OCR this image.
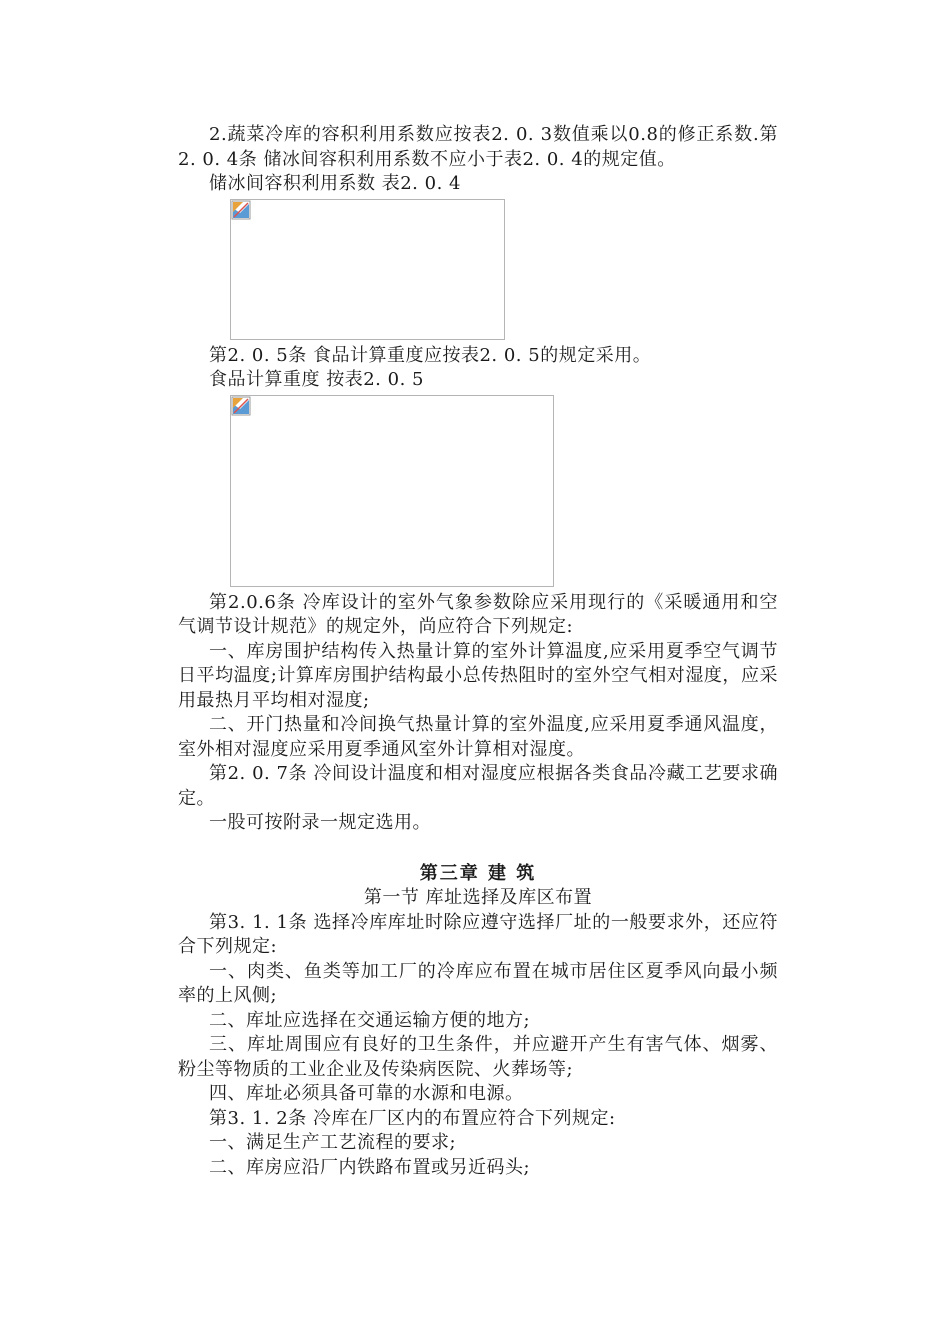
2.蔬菜冷库的容积利用系数应按表2. 0. 3数值乘以0.8的修正系数.第2. 0. 4条 储冰间容积利用系数不应小于表2. 0. 4的规定值。

储冰间容积利用系数 表2. 0. 4

第2. 0. 5条 食品计算重度应按表2. 0. 5的规定采用。

食品计算重度 按表2. 0. 5

第2.0.6条 冷库设计的室外气象参数除应采用现行的《采暖通用和空气调节设计规范》的规定外，尚应符合下列规定:

一、库房围护结构传入热量计算的室外计算温度,应采用夏季空气调节日平均温度;计算库房围护结构最小总传热阻时的室外空气相对湿度，应采用最热月平均相对湿度;

二、开门热量和冷间换气热量计算的室外温度,应采用夏季通风温度，室外相对湿度应采用夏季通风室外计算相对湿度。

第2. 0. 7条 冷间设计温度和相对湿度应根据各类食品冷藏工艺要求确定。

一股可按附录一规定选用。

第三章 建 筑

第一节 库址选择及库区布置

第3. 1. 1条 选择冷库库址时除应遵守选择厂址的一般要求外，还应符合下列规定:

一、肉类、鱼类等加工厂的冷库应布置在城市居住区夏季风向最小频率的上风侧;

二、库址应选择在交通运输方便的地方;

三、库址周围应有良好的卫生条件，并应避开产生有害气体、烟雾、粉尘等物质的工业企业及传染病医院、火葬场等;

四、库址必须具备可靠的水源和电源。

第3. 1. 2条 冷库在厂区内的布置应符合下列规定:

一、满足生产工艺流程的要求;

二、库房应沿厂内铁路布置或另近码头;
